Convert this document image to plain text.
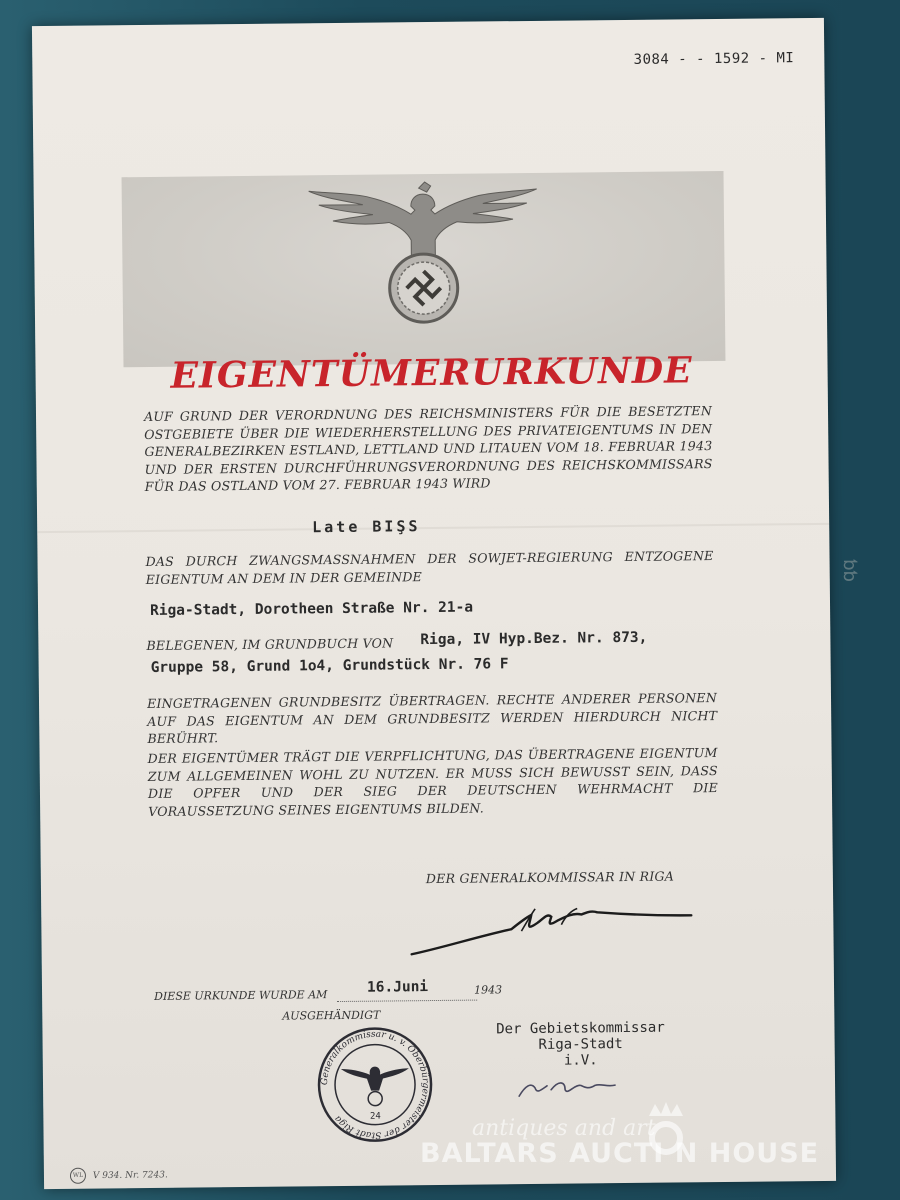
3084 - - 1592 - MI
EIGENTÜMERURKUNDE
AUF GRUND DER VERORDNUNG DES REICHSMINISTERS FÜR DIE BESETZTEN OSTGEBIETE ÜBER DIE WIEDERHERSTELLUNG DES PRIVATEIGENTUMS IN DEN GENERALBEZIRKEN ESTLAND, LETTLAND UND LITAUEN VOM 18. FEBRUAR 1943 UND DER ERSTEN DURCHFÜHRUNGSVERORDNUNG DES REICHSKOMMISSARS FÜR DAS OSTLAND VOM 27. FEBRUAR 1943 WIRD
Late BIŞS
DAS DURCH ZWANGSMASSNAHMEN DER SOWJET-REGIERUNG ENTZOGENE EIGENTUM AN DEM IN DER GEMEINDE
Riga-Stadt, Dorotheen Straße Nr. 21-a
BELEGENEN, IM GRUNDBUCH VON Riga, IV Hyp.Bez. Nr. 873,
Gruppe 58, Grund 1o4, Grundstück Nr. 76 F
EINGETRAGENEN GRUNDBESITZ ÜBERTRAGEN. RECHTE ANDERER PERSONEN AUF DAS EIGENTUM AN DEM GRUNDBESITZ WERDEN HIERDURCH NICHT BERÜHRT.
DER EIGENTÜMER TRÄGT DIE VERPFLICHTUNG, DAS ÜBERTRAGENE EIGENTUM ZUM ALLGEMEINEN WOHL ZU NUTZEN. ER MUSS SICH BEWUSST SEIN, DASS DIE OPFER UND DER SIEG DER DEUTSCHEN WEHRMACHT DIE VORAUSSETZUNG SEINES EIGENTUMS BILDEN.
DER GENERALKOMMISSAR IN RIGA
DIESE URKUNDE WURDE AM	16.Juni	1943
AUSGEHÄNDIGT
Der Gebietskommissar
Riga-Stadt
i.V.
Generalkommissar u. v. Oberbürgermeister der Stadt Riga	24
WL V 934. Nr. 7243.
ƅƅ
antiques and art
BALTARS AUCTI N HOUSE
